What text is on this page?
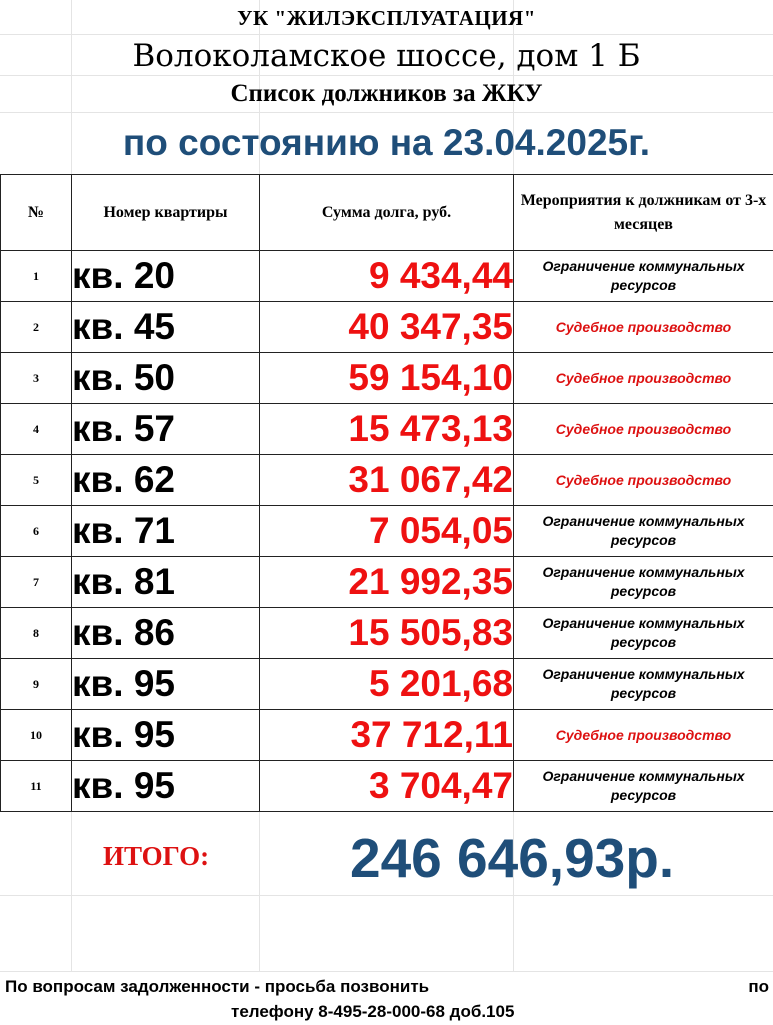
УК "ЖИЛЭКСПЛУАТАЦИЯ"
Волоколамское шоссе, дом 1 Б
Список должников за ЖКУ
по состоянию на 23.04.2025г.
№	Номер квартиры	Сумма долга, руб.	Мероприятия к должникам от 3-х месяцев
1	кв. 20	9 434,44	Ограничение коммунальных ресурсов
2	кв. 45	40 347,35	Судебное производство
3	кв. 50	59 154,10	Судебное производство
4	кв. 57	15 473,13	Судебное производство
5	кв. 62	31 067,42	Судебное производство
6	кв. 71	7 054,05	Ограничение коммунальных ресурсов
7	кв. 81	21 992,35	Ограничение коммунальных ресурсов
8	кв. 86	15 505,83	Ограничение коммунальных ресурсов
9	кв. 95	5 201,68	Ограничение коммунальных ресурсов
10	кв. 95	37 712,11	Судебное производство
11	кв. 95	3 704,47	Ограничение коммунальных ресурсов
ИТОГО:	246 646,93р.
По вопросам задолженности - просьба позвонить	по
телефону 8-495-28-000-68 доб.105
